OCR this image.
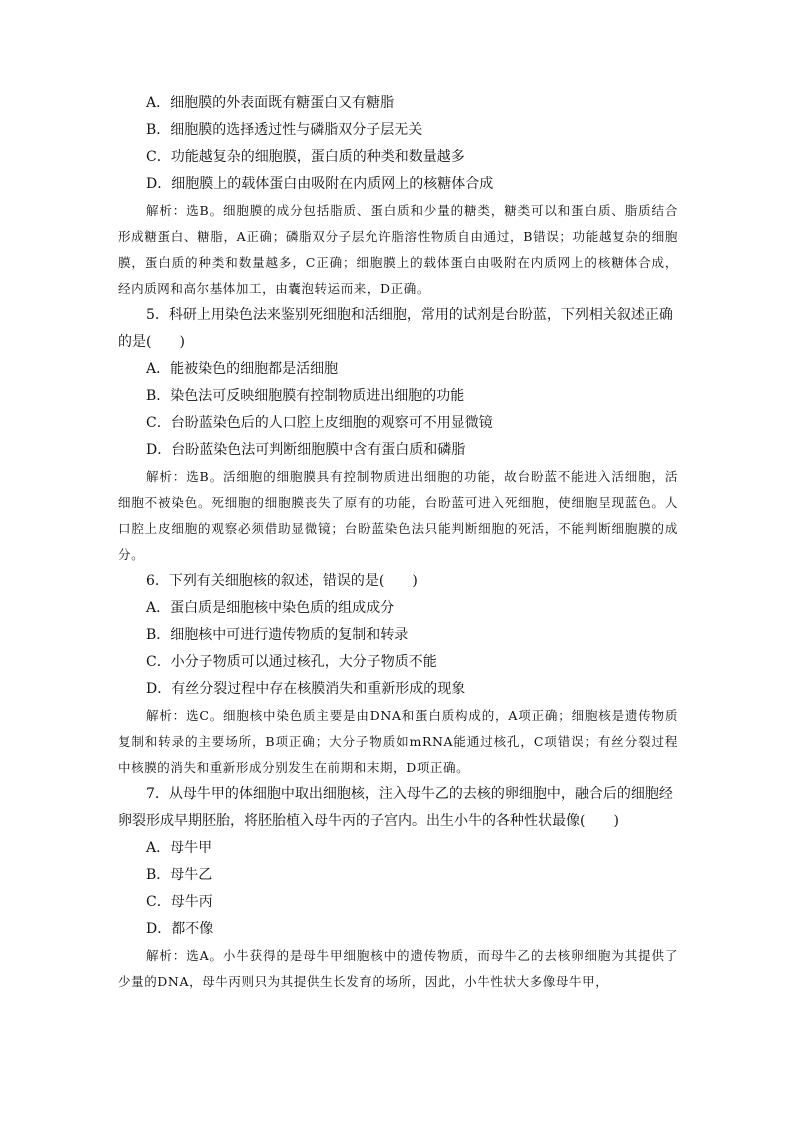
A．细胞膜的外表面既有糖蛋白又有糖脂
B．细胞膜的选择透过性与磷脂双分子层无关
C．功能越复杂的细胞膜，蛋白质的种类和数量越多
D．细胞膜上的载体蛋白由吸附在内质网上的核糖体合成
解析：选B。细胞膜的成分包括脂质、蛋白质和少量的糖类，糖类可以和蛋白质、脂质结合形成糖蛋白、糖脂，A正确；磷脂双分子层允许脂溶性物质自由通过，B错误；功能越复杂的细胞膜，蛋白质的种类和数量越多，C正确；细胞膜上的载体蛋白由吸附在内质网上的核糖体合成，经内质网和高尔基体加工，由囊泡转运而来，D正确。
5．科研上用染色法来鉴别死细胞和活细胞，常用的试剂是台盼蓝，下列相关叙述正确的是(　　)
A．能被染色的细胞都是活细胞
B．染色法可反映细胞膜有控制物质进出细胞的功能
C．台盼蓝染色后的人口腔上皮细胞的观察可不用显微镜
D．台盼蓝染色法可判断细胞膜中含有蛋白质和磷脂
解析：选B。活细胞的细胞膜具有控制物质进出细胞的功能，故台盼蓝不能进入活细胞，活细胞不被染色。死细胞的细胞膜丧失了原有的功能，台盼蓝可进入死细胞，使细胞呈现蓝色。人口腔上皮细胞的观察必须借助显微镜；台盼蓝染色法只能判断细胞的死活，不能判断细胞膜的成分。
6．下列有关细胞核的叙述，错误的是(　　)
A．蛋白质是细胞核中染色质的组成成分
B．细胞核中可进行遗传物质的复制和转录
C．小分子物质可以通过核孔，大分子物质不能
D．有丝分裂过程中存在核膜消失和重新形成的现象
解析：选C。细胞核中染色质主要是由DNA和蛋白质构成的，A项正确；细胞核是遗传物质复制和转录的主要场所，B项正确；大分子物质如mRNA能通过核孔，C项错误；有丝分裂过程中核膜的消失和重新形成分别发生在前期和末期，D项正确。
7．从母牛甲的体细胞中取出细胞核，注入母牛乙的去核的卵细胞中，融合后的细胞经卵裂形成早期胚胎，将胚胎植入母牛丙的子宫内。出生小牛的各种性状最像(　　)
A．母牛甲
B．母牛乙
C．母牛丙
D．都不像
解析：选A。小牛获得的是母牛甲细胞核中的遗传物质，而母牛乙的去核卵细胞为其提供了少量的DNA，母牛丙则只为其提供生长发育的场所，因此，小牛性状大多像母牛甲，
